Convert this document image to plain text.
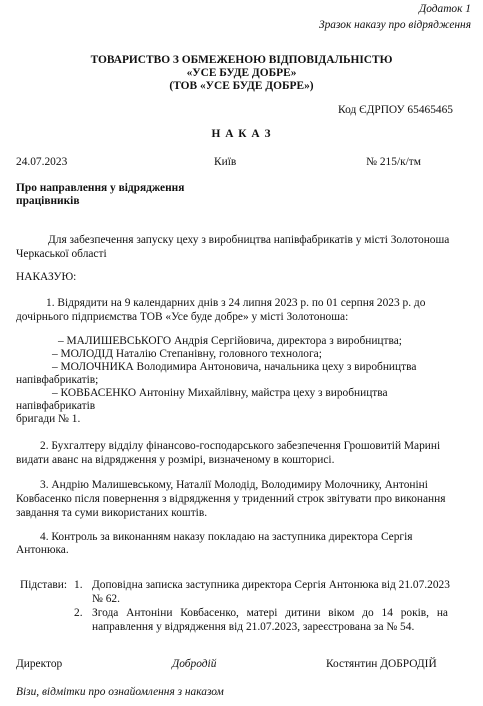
Додаток 1

Зразок наказу про відрядження

ТОВАРИСТВО З ОБМЕЖЕНОЮ ВІДПОВІДАЛЬНІСТЮ

«УСЕ БУДЕ ДОБРЕ»

(ТОВ «УСЕ БУДЕ ДОБРЕ»)

Код ЄДРПОУ 65465465

Н А К А З

24.07.2023	Київ	№ 215/к/тм

Про направлення у відрядження

працівників

Для забезпечення запуску цеху з виробництва напівфабрикатів у місті Золотоноша

Черкаської області

НАКАЗУЮ:

1. Відрядити на 9 календарних днів з 24 липня 2023 р. по 01 серпня 2023 р. до

дочірнього підприємства ТОВ «Усе буде добре» у місті Золотоноша:

– МАЛИШЕВСЬКОГО Андрія Сергійовича, директора з виробництва;

– МОЛОДІД Наталію Степанівну, головного технолога;

– МОЛОЧНИКА Володимира Антоновича, начальника цеху з виробництва

напівфабрикатів;

– КОВБАСЕНКО Антоніну Михайлівну, майстра цеху з виробництва

напівфабрикатів

бригади № 1.

2. Бухгалтеру відділу фінансово-господарського забезпечення Грошовитій Марині

видати аванс на відрядження у розмірі, визначеному в кошторисі.

3. Андрію Малишевському, Наталії Молодід, Володимиру Молочнику, Антоніні

Ковбасенко після повернення з відрядження у триденний строк звітувати про виконання

завдання та суми використаних коштів.

4. Контроль за виконанням наказу покладаю на заступника директора Сергія

Антонюка.

Підстави: 1. Доповідна записка заступника директора Сергія Антонюка від 21.07.2023

№ 62.

2. Згода Антоніни Ковбасенко, матері дитини віком до 14 років, на

направлення у відрядження від 21.07.2023, зареєстрована за № 54.

Директор	Добродій	Костянтин ДОБРОДІЙ

Візи, відмітки про ознайомлення з наказом
